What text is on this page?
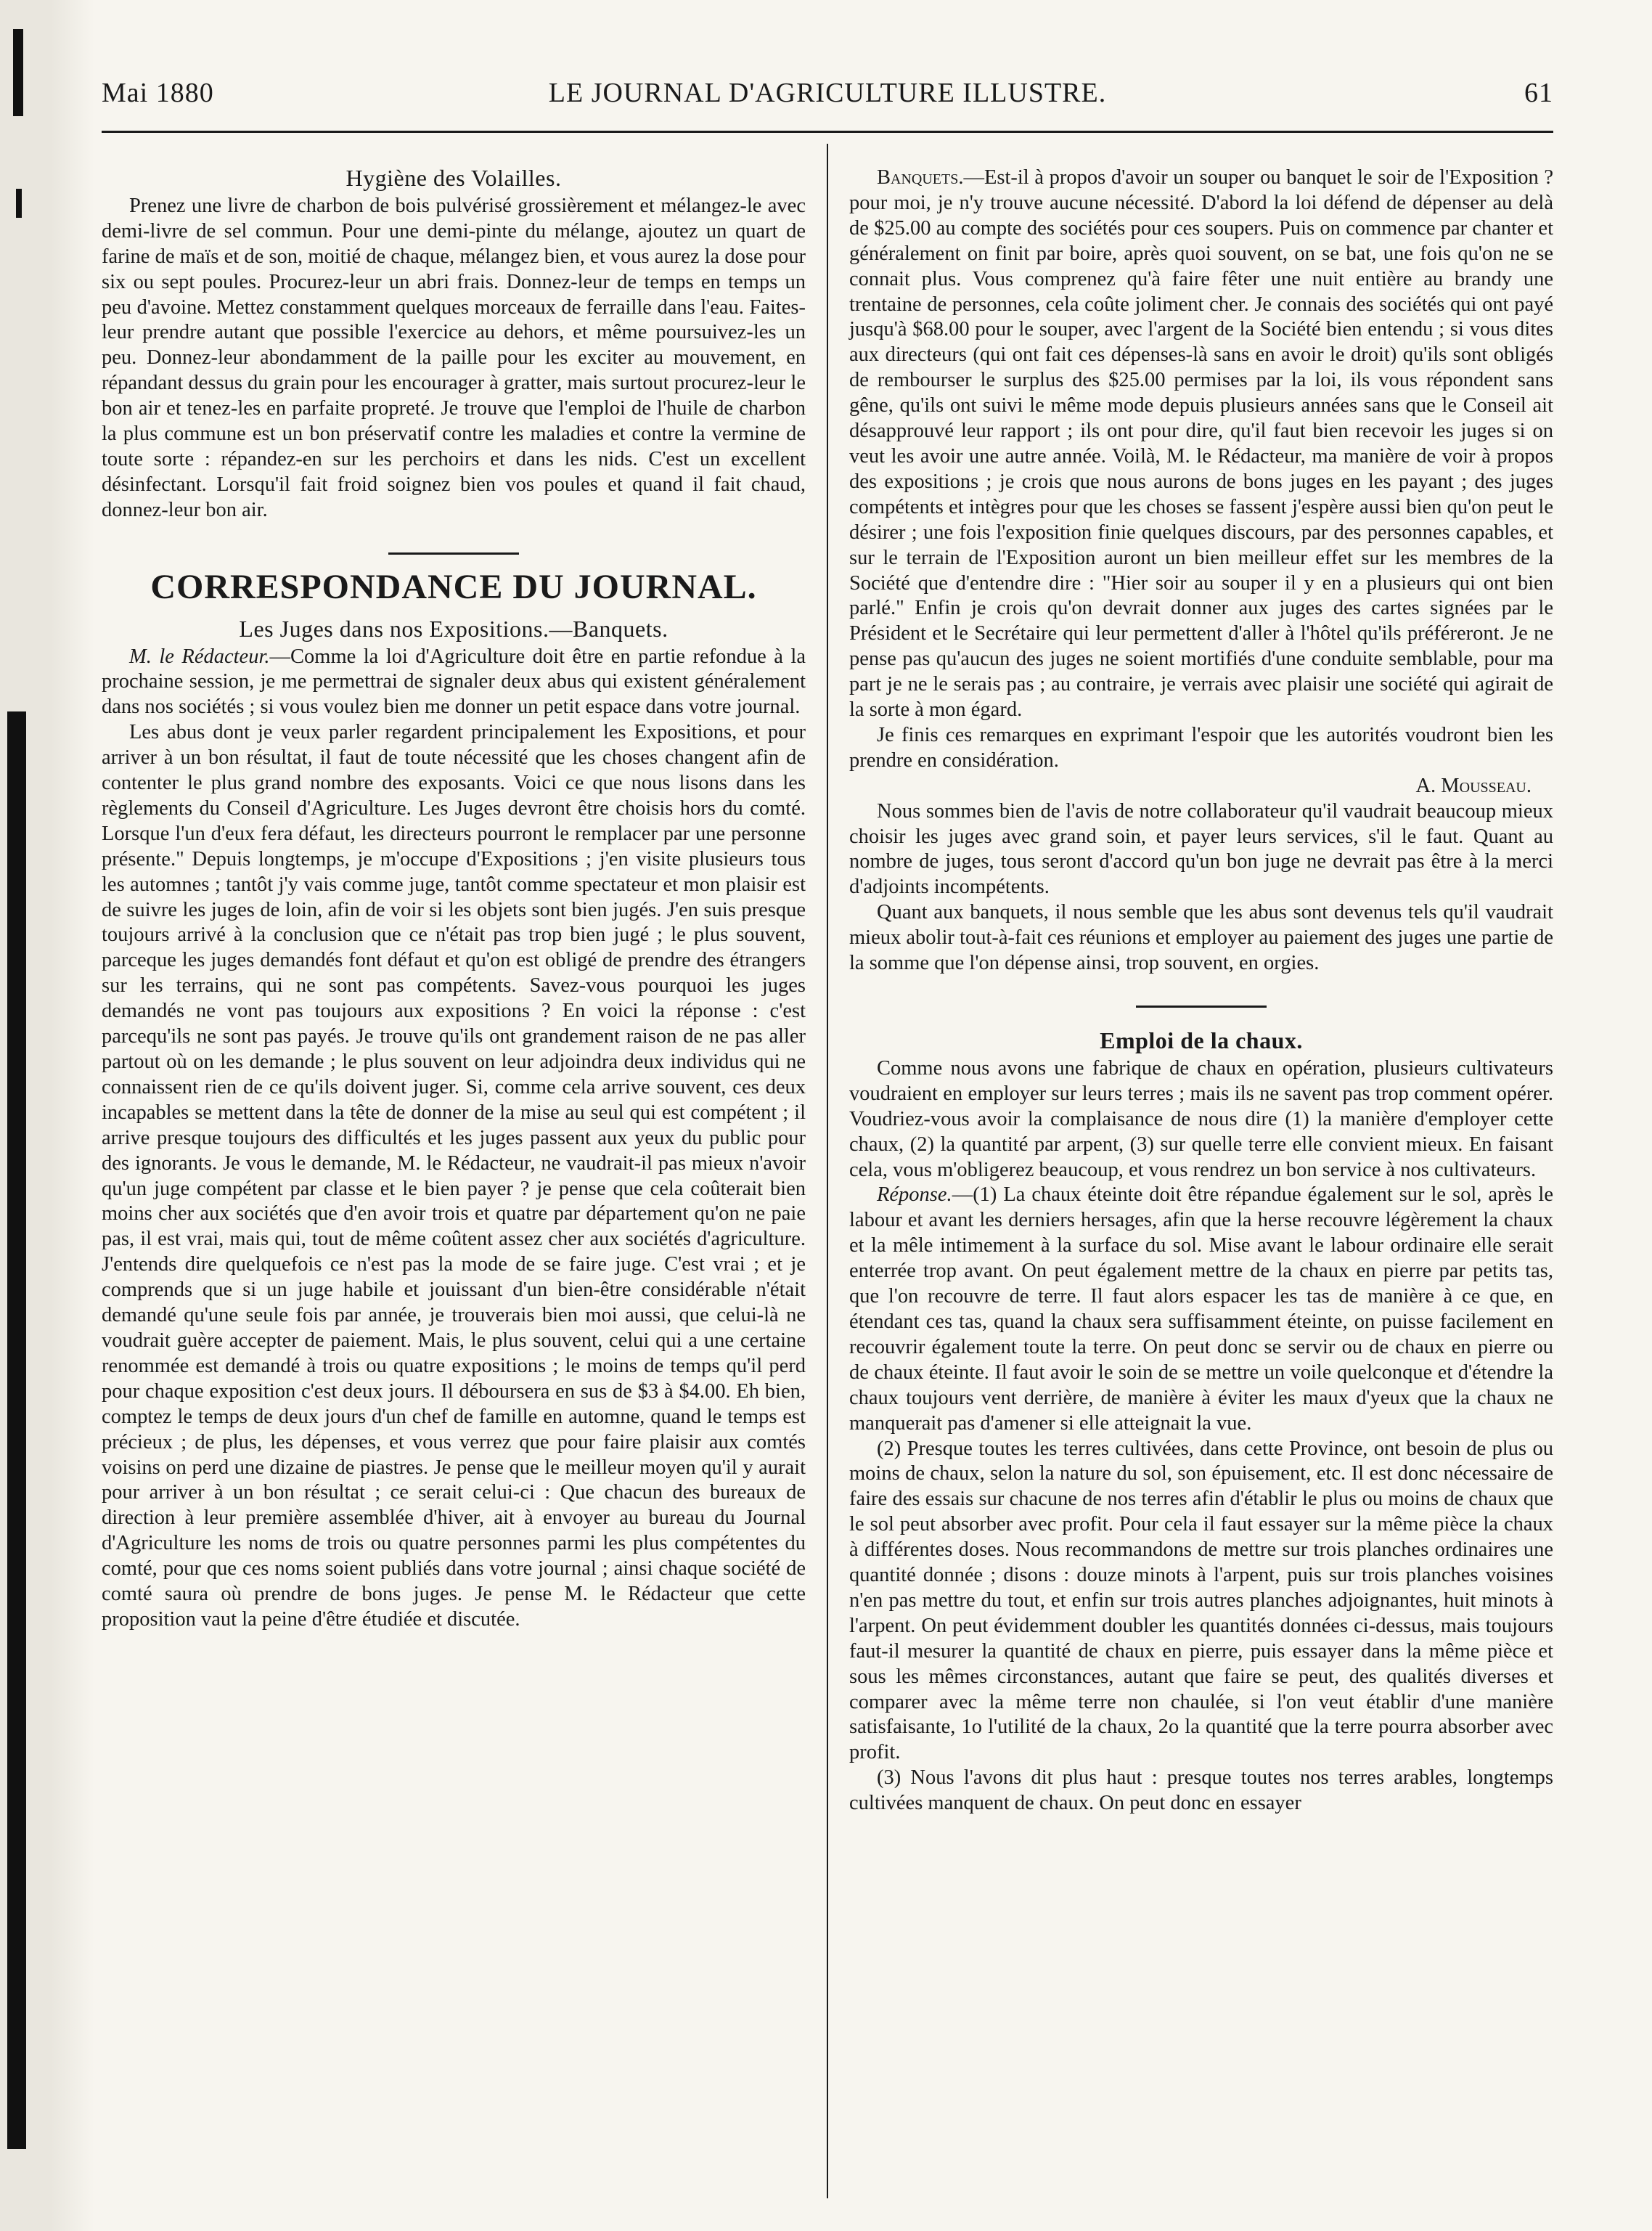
Mai 1880	LE JOURNAL D'AGRICULTURE ILLUSTRE.	61
Hygiène des Volailles.

Prenez une livre de charbon de bois pulvérisé grossièrement et mélangez-le avec demi-livre de sel commun. Pour une demi-pinte du mélange, ajoutez un quart de farine de maïs et de son, moitié de chaque, mélangez bien, et vous aurez la dose pour six ou sept poules. Procurez-leur un abri frais. Donnez-leur de temps en temps un peu d'avoine. Mettez constamment quelques morceaux de ferraille dans l'eau. Faites-leur prendre autant que possible l'exercice au dehors, et même poursuivez-les un peu. Donnez-leur abondamment de la paille pour les exciter au mouvement, en répandant dessus du grain pour les encourager à gratter, mais surtout procurez-leur le bon air et tenez-les en parfaite propreté. Je trouve que l'emploi de l'huile de charbon la plus commune est un bon préservatif contre les maladies et contre la vermine de toute sorte : répandez-en sur les perchoirs et dans les nids. C'est un excellent désinfectant. Lorsqu'il fait froid soignez bien vos poules et quand il fait chaud, donnez-leur bon air.

CORRESPONDANCE DU JOURNAL.
Les Juges dans nos Expositions.—Banquets.

M. le Rédacteur.—Comme la loi d'Agriculture doit être en partie refondue à la prochaine session, je me permettrai de signaler deux abus qui existent généralement dans nos sociétés ; si vous voulez bien me donner un petit espace dans votre journal.

Les abus dont je veux parler regardent principalement les Expositions, et pour arriver à un bon résultat, il faut de toute nécessité que les choses changent afin de contenter le plus grand nombre des exposants. Voici ce que nous lisons dans les règlements du Conseil d'Agriculture. Les Juges devront être choisis hors du comté. Lorsque l'un d'eux fera défaut, les directeurs pourront le remplacer par une personne présente." Depuis longtemps, je m'occupe d'Expositions ; j'en visite plusieurs tous les automnes ; tantôt j'y vais comme juge, tantôt comme spectateur et mon plaisir est de suivre les juges de loin, afin de voir si les objets sont bien jugés. J'en suis presque toujours arrivé à la conclusion que ce n'était pas trop bien jugé ; le plus souvent, parceque les juges demandés font défaut et qu'on est obligé de prendre des étrangers sur les terrains, qui ne sont pas compétents. Savez-vous pourquoi les juges demandés ne vont pas toujours aux expositions ? En voici la réponse : c'est parcequ'ils ne sont pas payés. Je trouve qu'ils ont grandement raison de ne pas aller partout où on les demande ; le plus souvent on leur adjoindra deux individus qui ne connaissent rien de ce qu'ils doivent juger. Si, comme cela arrive souvent, ces deux incapables se mettent dans la tête de donner de la mise au seul qui est compétent ; il arrive presque toujours des difficultés et les juges passent aux yeux du public pour des ignorants. Je vous le demande, M. le Rédacteur, ne vaudrait-il pas mieux n'avoir qu'un juge compétent par classe et le bien payer ? je pense que cela coûterait bien moins cher aux sociétés que d'en avoir trois et quatre par département qu'on ne paie pas, il est vrai, mais qui, tout de même coûtent assez cher aux sociétés d'agriculture. J'entends dire quelquefois ce n'est pas la mode de se faire juge. C'est vrai ; et je comprends que si un juge habile et jouissant d'un bien-être considérable n'était demandé qu'une seule fois par année, je trouverais bien moi aussi, que celui-là ne voudrait guère accepter de paiement. Mais, le plus souvent, celui qui a une certaine renommée est demandé à trois ou quatre expositions ; le moins de temps qu'il perd pour chaque exposition c'est deux jours. Il déboursera en sus de $3 à $4.00. Eh bien, comptez le temps de deux jours d'un chef de famille en automne, quand le temps est précieux ; de plus, les dépenses, et vous verrez que pour faire plaisir aux comtés voisins on perd une dizaine de piastres. Je pense que le meilleur moyen qu'il y aurait pour arriver à un bon résultat ; ce serait celui-ci : Que chacun des bureaux de direction à leur première assemblée d'hiver, ait à envoyer au bureau du Journal d'Agriculture les noms de trois ou quatre personnes parmi les plus compétentes du comté, pour que ces noms soient publiés dans votre journal ; ainsi chaque société de comté saura où prendre de bons juges. Je pense M. le Rédacteur que cette proposition vaut la peine d'être étudiée et discutée.

Banquets.—Est-il à propos d'avoir un souper ou banquet le soir de l'Exposition ? pour moi, je n'y trouve aucune nécessité. D'abord la loi défend de dépenser au delà de $25.00 au compte des sociétés pour ces soupers. Puis on commence par chanter et généralement on finit par boire, après quoi souvent, on se bat, une fois qu'on ne se connait plus. Vous comprenez qu'à faire fêter une nuit entière au brandy une trentaine de personnes, cela coûte joliment cher. Je connais des sociétés qui ont payé jusqu'à $68.00 pour le souper, avec l'argent de la Société bien entendu ; si vous dites aux directeurs (qui ont fait ces dépenses-là sans en avoir le droit) qu'ils sont obligés de rembourser le surplus des $25.00 permises par la loi, ils vous répondent sans gêne, qu'ils ont suivi le même mode depuis plusieurs années sans que le Conseil ait désapprouvé leur rapport ; ils ont pour dire, qu'il faut bien recevoir les juges si on veut les avoir une autre année. Voilà, M. le Rédacteur, ma manière de voir à propos des expositions ; je crois que nous aurons de bons juges en les payant ; des juges compétents et intègres pour que les choses se fassent j'espère aussi bien qu'on peut le désirer ; une fois l'exposition finie quelques discours, par des personnes capables, et sur le terrain de l'Exposition auront un bien meilleur effet sur les membres de la Société que d'entendre dire : "Hier soir au souper il y en a plusieurs qui ont bien parlé." Enfin je crois qu'on devrait donner aux juges des cartes signées par le Président et le Secrétaire qui leur permettent d'aller à l'hôtel qu'ils préféreront. Je ne pense pas qu'aucun des juges ne soient mortifiés d'une conduite semblable, pour ma part je ne le serais pas ; au contraire, je verrais avec plaisir une société qui agirait de la sorte à mon égard.

Je finis ces remarques en exprimant l'espoir que les autorités voudront bien les prendre en considération.

A. Mousseau.

Nous sommes bien de l'avis de notre collaborateur qu'il vaudrait beaucoup mieux choisir les juges avec grand soin, et payer leurs services, s'il le faut. Quant au nombre de juges, tous seront d'accord qu'un bon juge ne devrait pas être à la merci d'adjoints incompétents.

Quant aux banquets, il nous semble que les abus sont devenus tels qu'il vaudrait mieux abolir tout-à-fait ces réunions et employer au paiement des juges une partie de la somme que l'on dépense ainsi, trop souvent, en orgies.

Emploi de la chaux.

Comme nous avons une fabrique de chaux en opération, plusieurs cultivateurs voudraient en employer sur leurs terres ; mais ils ne savent pas trop comment opérer. Voudriez-vous avoir la complaisance de nous dire (1) la manière d'employer cette chaux, (2) la quantité par arpent, (3) sur quelle terre elle convient mieux. En faisant cela, vous m'obligerez beaucoup, et vous rendrez un bon service à nos cultivateurs.

Réponse.—(1) La chaux éteinte doit être répandue également sur le sol, après le labour et avant les derniers hersages, afin que la herse recouvre légèrement la chaux et la mêle intimement à la surface du sol. Mise avant le labour ordinaire elle serait enterrée trop avant. On peut également mettre de la chaux en pierre par petits tas, que l'on recouvre de terre. Il faut alors espacer les tas de manière à ce que, en étendant ces tas, quand la chaux sera suffisamment éteinte, on puisse facilement en recouvrir également toute la terre. On peut donc se servir ou de chaux en pierre ou de chaux éteinte. Il faut avoir le soin de se mettre un voile quelconque et d'étendre la chaux toujours vent derrière, de manière à éviter les maux d'yeux que la chaux ne manquerait pas d'amener si elle atteignait la vue.

(2) Presque toutes les terres cultivées, dans cette Province, ont besoin de plus ou moins de chaux, selon la nature du sol, son épuisement, etc. Il est donc nécessaire de faire des essais sur chacune de nos terres afin d'établir le plus ou moins de chaux que le sol peut absorber avec profit. Pour cela il faut essayer sur la même pièce la chaux à différentes doses. Nous recommandons de mettre sur trois planches ordinaires une quantité donnée ; disons : douze minots à l'arpent, puis sur trois planches voisines n'en pas mettre du tout, et enfin sur trois autres planches adjoignantes, huit minots à l'arpent. On peut évidemment doubler les quantités données ci-dessus, mais toujours faut-il mesurer la quantité de chaux en pierre, puis essayer dans la même pièce et sous les mêmes circonstances, autant que faire se peut, des qualités diverses et comparer avec la même terre non chaulée, si l'on veut établir d'une manière satisfaisante, 1o l'utilité de la chaux, 2o la quantité que la terre pourra absorber avec profit.

(3) Nous l'avons dit plus haut : presque toutes nos terres arables, longtemps cultivées manquent de chaux. On peut donc en essayer
